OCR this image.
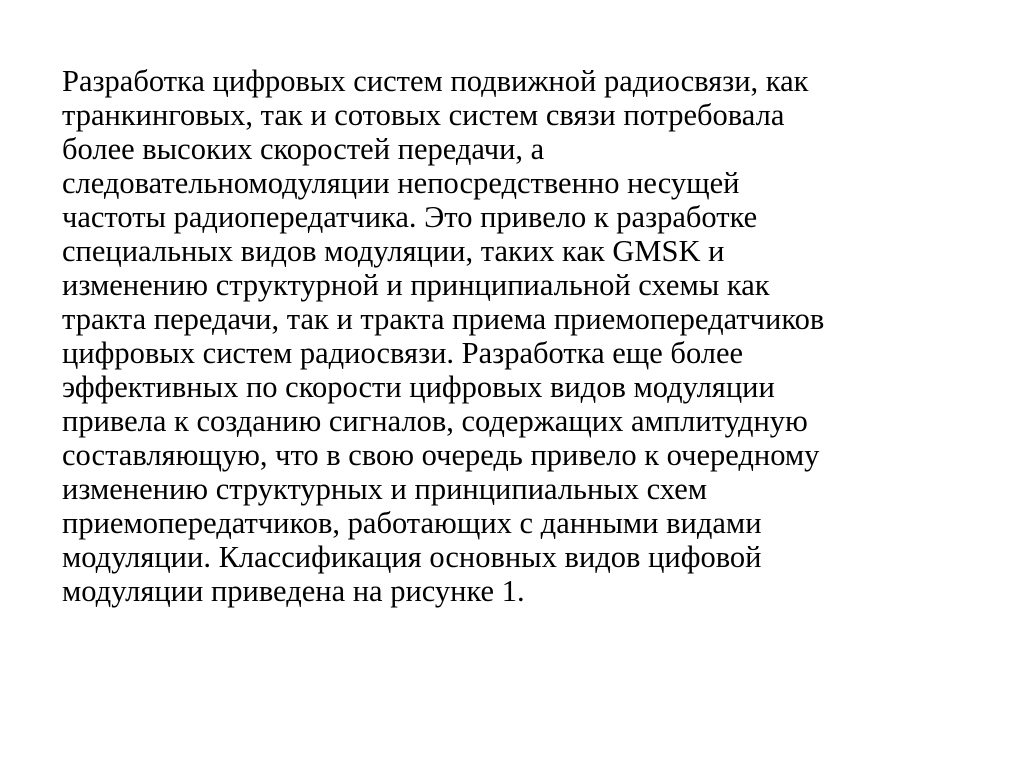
Разработка цифровых систем подвижной радиосвязи, как
транкинговых, так и сотовых систем связи потребовала
более высоких скоростей передачи, а
следовательномодуляции непосредственно несущей
частоты радиопередатчика. Это привело к разработке
специальных видов модуляции, таких как GMSK и
изменению структурной и принципиальной схемы как
тракта передачи, так и тракта приема приемопередатчиков
цифровых систем радиосвязи. Разработка еще более
эффективных по скорости цифровых видов модуляции
привела к созданию сигналов, содержащих амплитудную
составляющую, что в свою очередь привело к очередному
изменению структурных и принципиальных схем
приемопередатчиков, работающих с данными видами
модуляции. Классификация основных видов цифовой
модуляции приведена на рисунке 1.
